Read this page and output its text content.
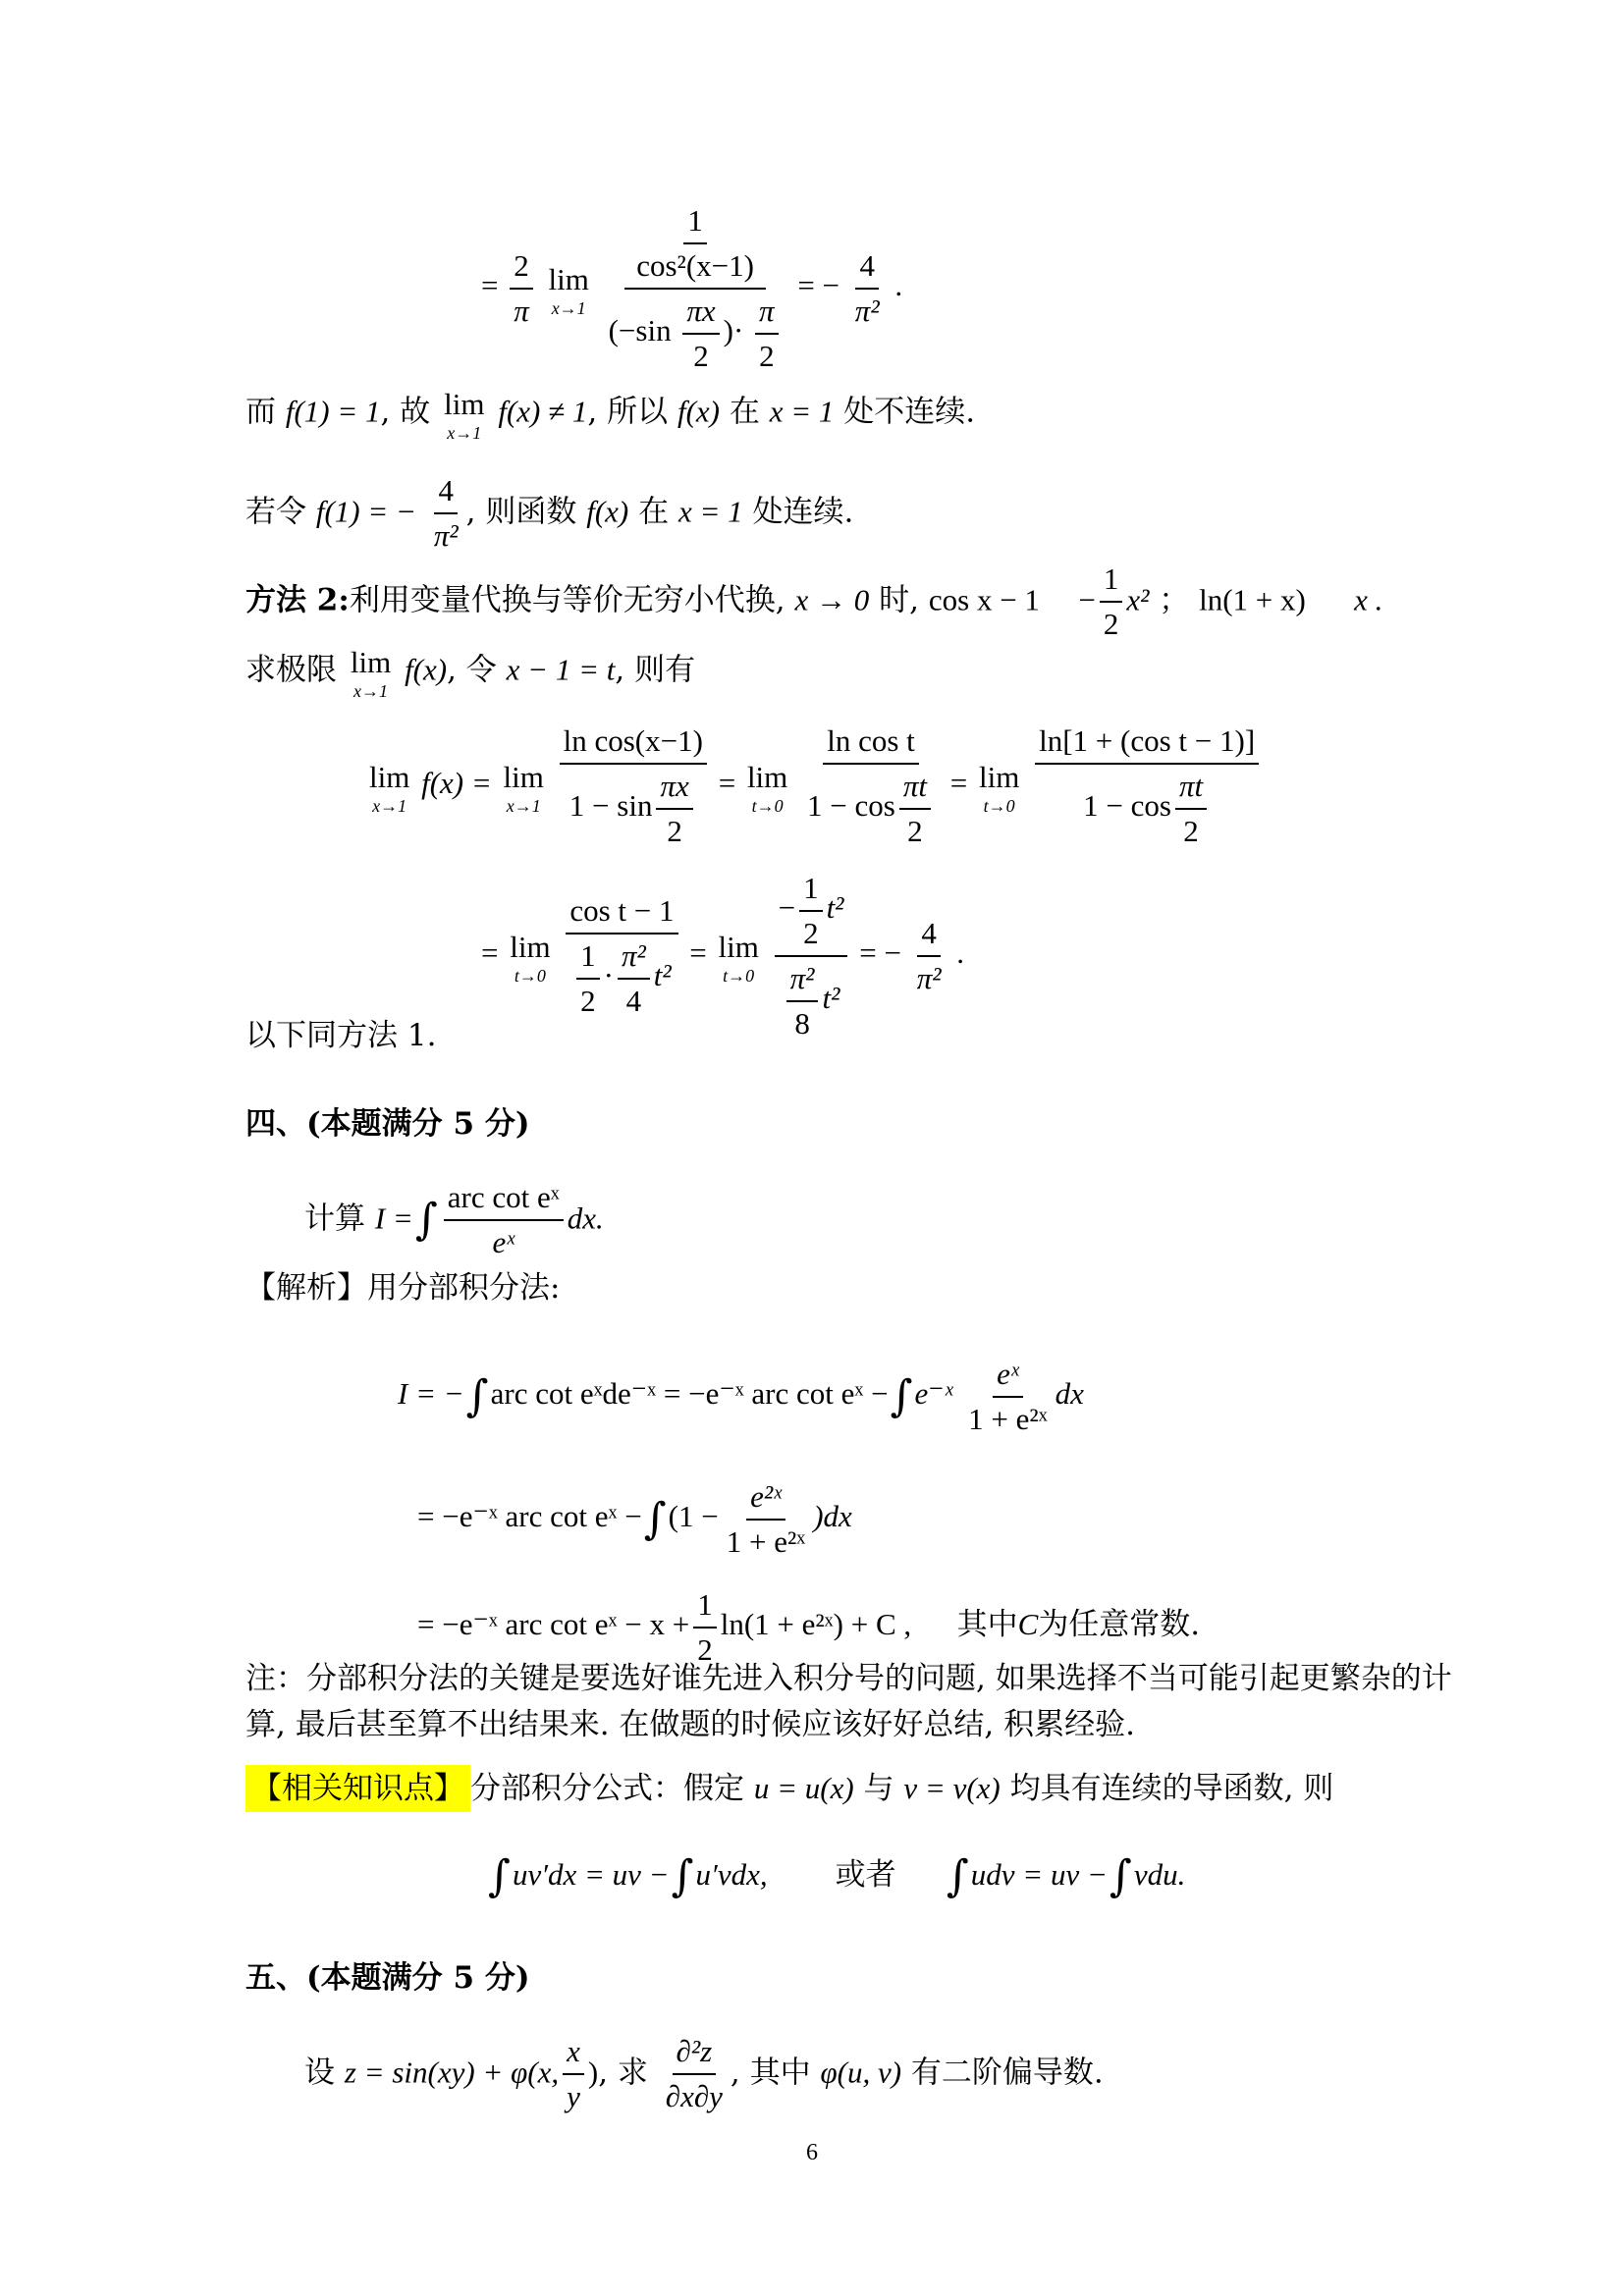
= $\frac{2}{\pi}$
lim
x→1
$\frac{\frac{1}{\text{cos²(x−1)}}}{(-\sin \frac{\pi x}{2} )\cdot \frac{\pi}{2}}$ = − $\frac{4}{\text{π²}}$ .
而 f(1) = 1, 故 lim
x→1
f(x) ≠ 1, 所以 f(x) 在 x = 1 处不连续.
若令 f(1) = − $\frac{4}{\text{π²}}$ , 则函数 f(x) 在 x = 1 处连续.
方法 2:利用变量代换与等价无穷小代换, x → 0 时, $\cos x - 1 - \frac{1}{2} x^2$ ； ln(1 + x) x .
求极限 lim
x→1
f(x), 令 x − 1 = t, 则有
lim
x→1
f(x) = lim
x→1
$\frac{\text{ln cos(x−1)}}{1 - \sin \frac{\pi x}{2}} = \lim$
t→0
$\frac{\text{ln cos t}}{1 - \cos \frac{\pi t}{2}} = \lim$
t→0
$\frac{\text{ln[1 + (cos t − 1)]}}{1 - \cos \frac{\pi t}{2}}$
= lim
t→0
$\frac{\text{cos t − 1}}{\frac{1}{2} \cdot \frac{\text{π²}}{4} t^2} = \lim$
t→0
$\frac{- \frac{1}{2} t^2}{\frac{\text{π²}}{8} t^2}$ = − $\frac{4}{\text{π²}}$ .
以下同方法 1.
四、(本题满分 5 分)
计算 I =∫ $\frac{\text{arc cot eˣ}}{\text{eˣ}}$ dx.
【解析】用分部积分法:
I = −∫arc cot eˣde⁻ˣ = −e⁻ˣ arc cot eˣ −∫e⁻ˣ $\frac{\text{eˣ}}{\text{1 + e²ˣ}}$ dx
= −e⁻ˣ arc cot eˣ $-\int(1 - \frac{\text{e²ˣ}}{\text{1 + e²ˣ}} )dx$
= −e⁻ˣ arc cot eˣ − $x + \frac{1}{2} \ln(1$ + e²ˣ) + C , 其中C为任意常数.
注：分部积分法的关键是要选好谁先进入积分号的问题, 如果选择不当可能引起更繁杂的计
算, 最后甚至算不出结果来. 在做题的时候应该好好总结, 积累经验.
【相关知识点】 分部积分公式：假定 u = u(x) 与 v = v(x) 均具有连续的导函数, 则
∫uv′dx = uv −∫u′vdx, 或者 ∫udv = uv −∫vdu.
五、(本题满分 5 分)
设 z = sin(xy) + φ(x, $\frac{x}{y}$ ), 求 $\frac{\text{∂²z}}{\partial x\partial y}$ , 其中 φ(u, v) 有二阶偏导数.
6
